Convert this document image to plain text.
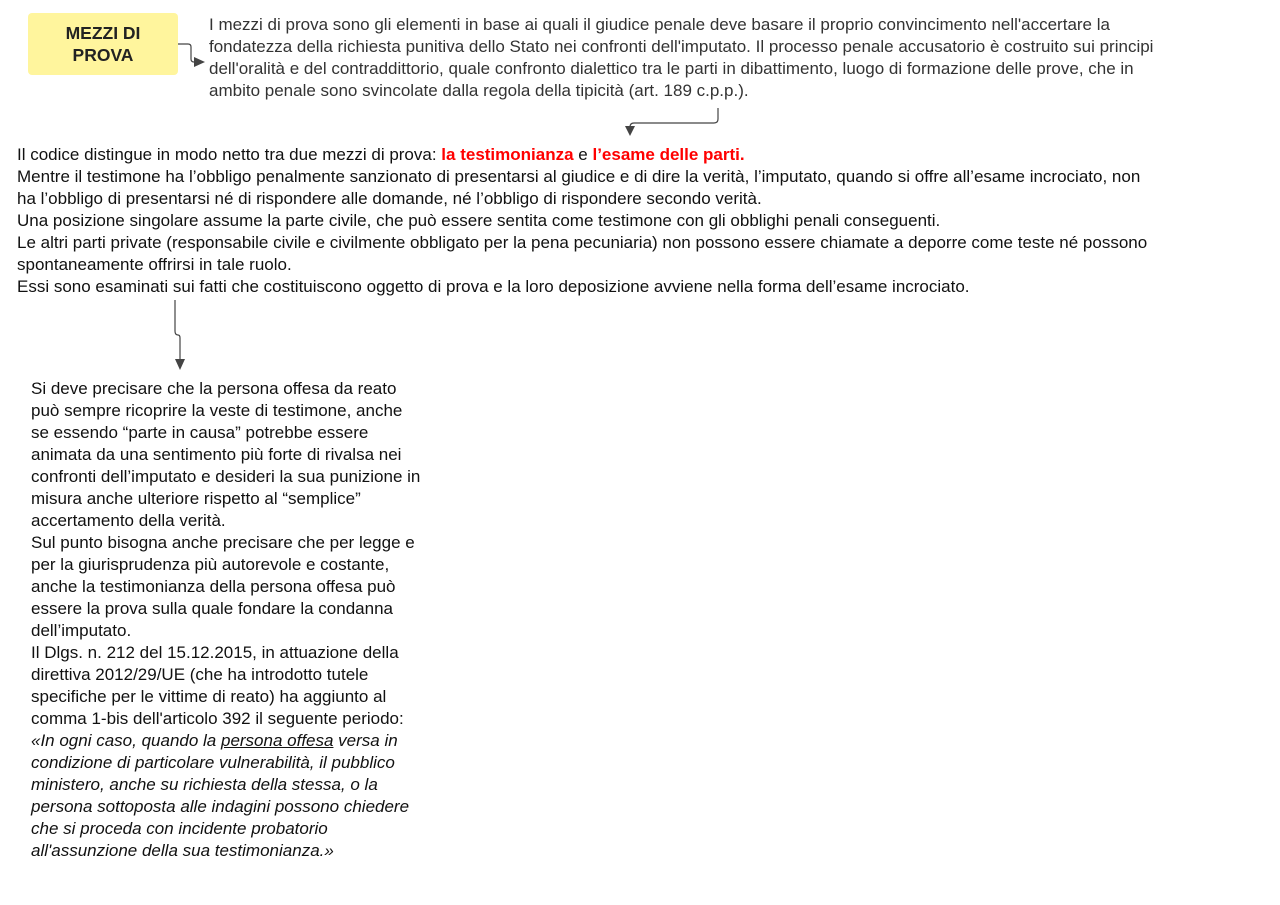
MEZZI DI
PROVA
I mezzi di prova sono gli elementi in base ai quali il giudice penale deve basare il proprio convincimento nell'accertare la
fondatezza della richiesta punitiva dello Stato nei confronti dell'imputato. Il processo penale accusatorio è costruito sui principi
dell'oralità e del contraddittorio, quale confronto dialettico tra le parti in dibattimento, luogo di formazione delle prove, che in
ambito penale sono svincolate dalla regola della tipicità (art. 189 c.p.p.).
Il codice distingue in modo netto tra due mezzi di prova: la testimonianza e l’esame delle parti.
Mentre il testimone ha l’obbligo penalmente sanzionato di presentarsi al giudice e di dire la verità, l’imputato, quando si offre all’esame incrociato, non
ha l’obbligo di presentarsi né di rispondere alle domande, né l’obbligo di rispondere secondo verità.
Una posizione singolare assume la parte civile, che può essere sentita come testimone con gli obblighi penali conseguenti.
Le altri parti private (responsabile civile e civilmente obbligato per la pena pecuniaria) non possono essere chiamate a deporre come teste né possono
spontaneamente offrirsi in tale ruolo.
Essi sono esaminati sui fatti che costituiscono oggetto di prova e la loro deposizione avviene nella forma dell’esame incrociato.
Si deve precisare che la persona offesa da reato
può sempre ricoprire la veste di testimone, anche
se essendo “parte in causa” potrebbe essere
animata da una sentimento più forte di rivalsa nei
confronti dell’imputato e desideri la sua punizione in
misura anche ulteriore rispetto al “semplice”
accertamento della verità.
Sul punto bisogna anche precisare che per legge e
per la giurisprudenza più autorevole e costante,
anche la testimonianza della persona offesa può
essere la prova sulla quale fondare la condanna
dell’imputato.
Il Dlgs. n. 212 del 15.12.2015, in attuazione della
direttiva 2012/29/UE (che ha introdotto tutele
specifiche per le vittime di reato) ha aggiunto al
comma 1-bis dell'articolo 392 il seguente periodo:
«In ogni caso, quando la persona offesa versa in
condizione di particolare vulnerabilità, il pubblico
ministero, anche su richiesta della stessa, o la
persona sottoposta alle indagini possono chiedere
che si proceda con incidente probatorio
all'assunzione della sua testimonianza.»
